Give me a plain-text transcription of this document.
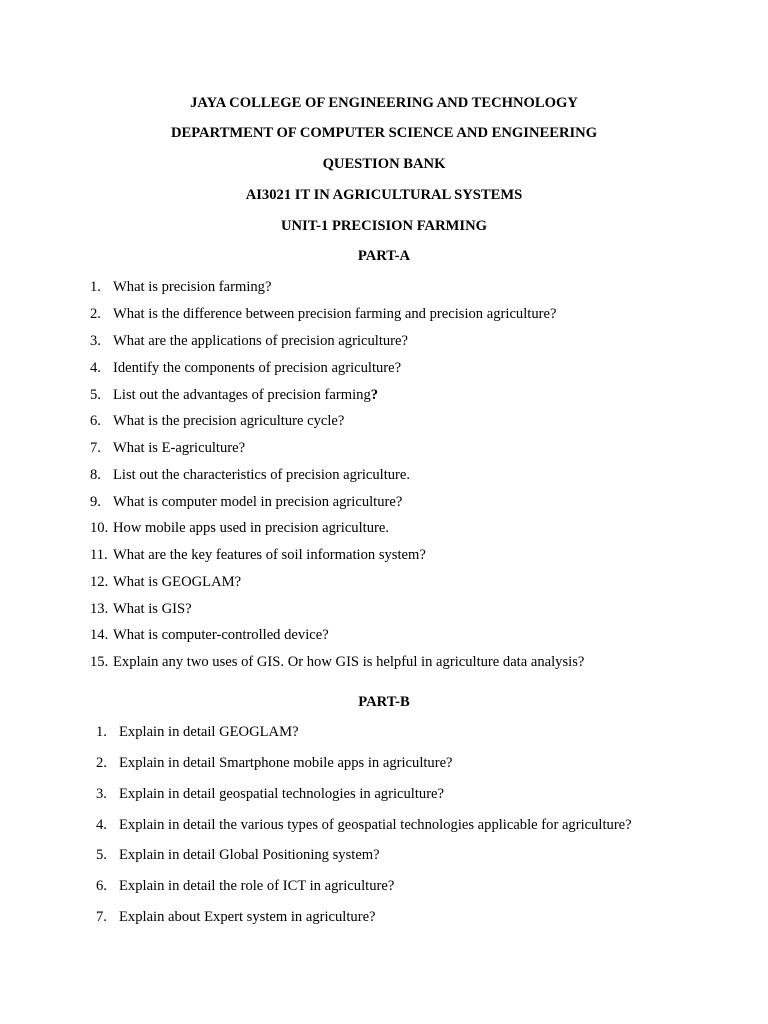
JAYA COLLEGE OF ENGINEERING AND TECHNOLOGY
DEPARTMENT OF COMPUTER SCIENCE AND ENGINEERING
QUESTION BANK
AI3021 IT IN AGRICULTURAL SYSTEMS
UNIT-1 PRECISION FARMING
PART-A
1. What is precision farming?
2. What is the difference between precision farming and precision agriculture?
3. What are the applications of precision agriculture?
4. Identify the components of precision agriculture?
5. List out the advantages of precision farming?
6. What is the precision agriculture cycle?
7. What is E-agriculture?
8. List out the characteristics of precision agriculture.
9. What is computer model in precision agriculture?
10. How mobile apps used in precision agriculture.
11. What are the key features of soil information system?
12. What is GEOGLAM?
13. What is GIS?
14. What is computer-controlled device?
15. Explain any two uses of GIS. Or how GIS is helpful in agriculture data analysis?
PART-B
1. Explain in detail GEOGLAM?
2. Explain in detail Smartphone mobile apps in agriculture?
3. Explain in detail geospatial technologies in agriculture?
4. Explain in detail the various types of geospatial technologies applicable for agriculture?
5. Explain in detail Global Positioning system?
6. Explain in detail the role of ICT in agriculture?
7. Explain about Expert system in agriculture?
